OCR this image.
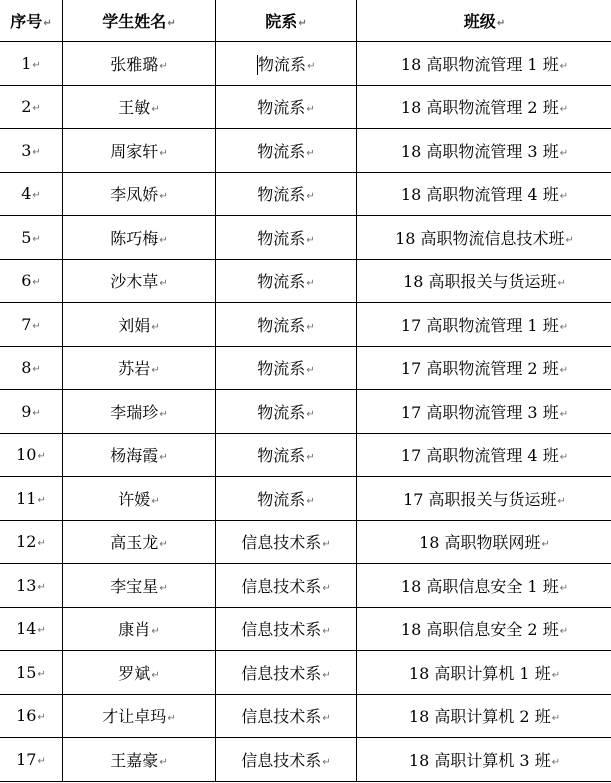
序号↵	学生姓名↵	院系↵	班级↵
1↵	张雅璐↵	物流系↵	18 高职物流管理 1 班↵
2↵	王敏↵	物流系↵	18 高职物流管理 2 班↵
3↵	周家轩↵	物流系↵	18 高职物流管理 3 班↵
4↵	李凤娇↵	物流系↵	18 高职物流管理 4 班↵
5↵	陈巧梅↵	物流系↵	18 高职物流信息技术班↵
6↵	沙木草↵	物流系↵	18 高职报关与货运班↵
7↵	刘娟↵	物流系↵	17 高职物流管理 1 班↵
8↵	苏岩↵	物流系↵	17 高职物流管理 2 班↵
9↵	李瑞珍↵	物流系↵	17 高职物流管理 3 班↵
10↵	杨海霞↵	物流系↵	17 高职物流管理 4 班↵
11↵	许媛↵	物流系↵	17 高职报关与货运班↵
12↵	高玉龙↵	信息技术系↵	18 高职物联网班↵
13↵	李宝星↵	信息技术系↵	18 高职信息安全 1 班↵
14↵	康肖↵	信息技术系↵	18 高职信息安全 2 班↵
15↵	罗斌↵	信息技术系↵	18 高职计算机 1 班↵
16↵	才让卓玛↵	信息技术系↵	18 高职计算机 2 班↵
17↵	王嘉豪↵	信息技术系↵	18 高职计算机 3 班↵
